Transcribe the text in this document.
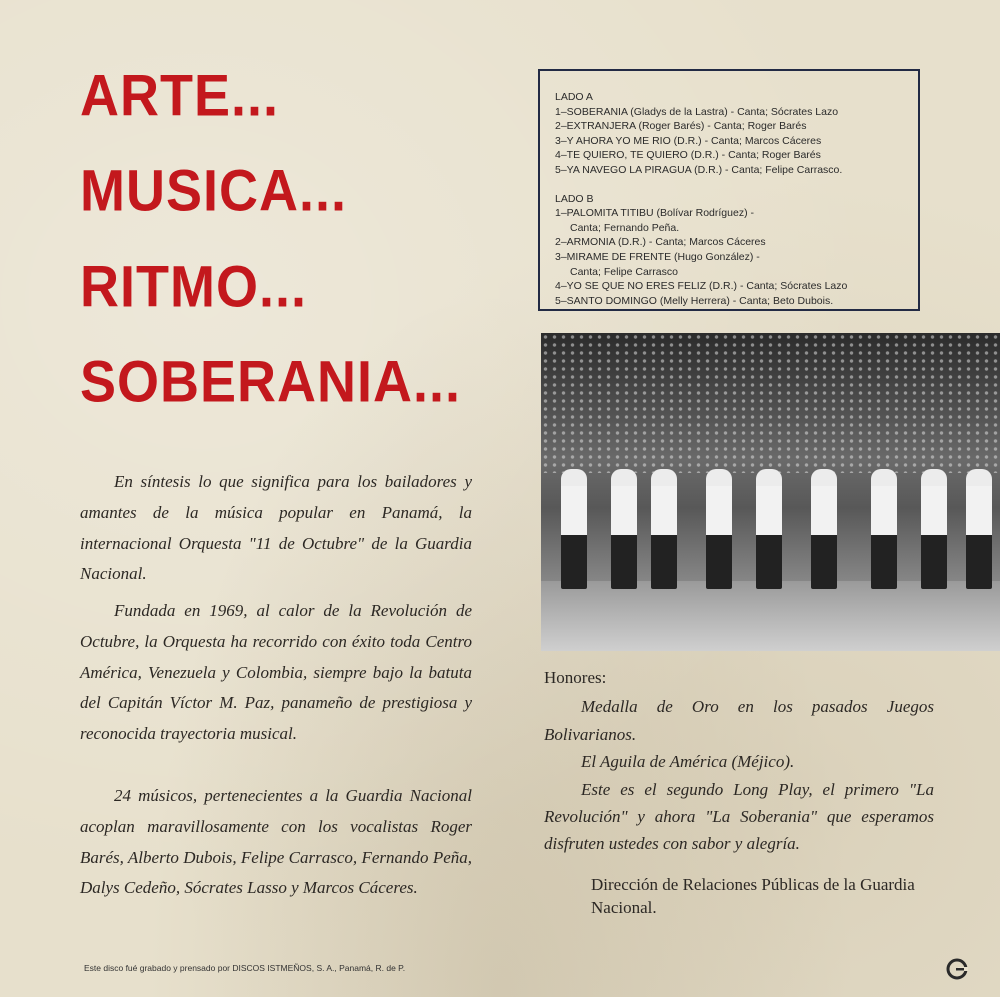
ARTE...
MUSICA...
RITMO...
SOBERANIA...
LADO A
1–SOBERANIA (Gladys de la Lastra) - Canta; Sócrates Lazo
2–EXTRANJERA (Roger Barés) - Canta; Roger Barés
3–Y AHORA YO ME RIO (D.R.) - Canta; Marcos Cáceres
4–TE QUIERO, TE QUIERO (D.R.) - Canta; Roger Barés
5–YA NAVEGO LA PIRAGUA (D.R.) - Canta; Felipe Carrasco.
LADO B
1–PALOMITA TITIBU (Bolívar Rodríguez) -
Canta; Fernando Peña.
2–ARMONIA (D.R.) - Canta; Marcos Cáceres
3–MIRAME DE FRENTE (Hugo González) -
Canta; Felipe Carrasco
4–YO SE QUE NO ERES FELIZ (D.R.) - Canta; Sócrates Lazo
5–SANTO DOMINGO (Melly Herrera) - Canta; Beto Dubois.

En síntesis lo que significa para los bailadores y amantes de la música popular en Panamá, la internacional Orquesta "11 de Octubre" de la Guardia Nacional.

Fundada en 1969, al calor de la Revolución de Octubre, la Orquesta ha recorrido con éxito toda Centro América, Venezuela y Colombia, siempre bajo la batuta del Capitán Víctor M. Paz, panameño de prestigiosa y reconocida trayectoria musical.

24 músicos, pertenecientes a la Guardia Nacional acoplan maravillosamente con los vocalistas Roger Barés, Alberto Dubois, Felipe Carrasco, Fernando Peña, Dalys Cedeño, Sócrates Lasso y Marcos Cáceres.

Honores:

Medalla de Oro en los pasados Juegos Bolivarianos.

El Aguila de América (Méjico).

Este es el segundo Long Play, el primero "La Revolución" y ahora "La Soberania" que esperamos disfruten ustedes con sabor y alegría.

Dirección de Relaciones Públicas de la Guardia Nacional.
Este disco fué grabado y prensado por DISCOS ISTMEÑOS, S. A., Panamá, R. de P.
